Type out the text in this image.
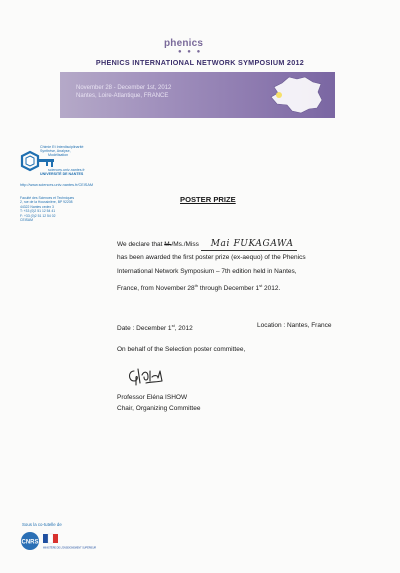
phenics
● ● ●
PHENICS INTERNATIONAL NETWORK SYMPOSIUM 2012
November 28 - December 1st, 2012
Nantes, Loire-Atlantique, FRANCE
Chimie Et Interdisciplinarité
Synthèse, Analyse,
Modélisation
sciences.univ-nantes.fr
UNIVERSITÉ DE NANTES
http://www.sciences.univ-nantes.fr/CEISAM
Faculté des Sciences et Techniques
2, rue de la Houssinière, BP 92208
44322 Nantes cedex 3
T: +33 (0)2 51 12 54 41
F: +33 (0)2 51 12 54 02
CEISAM
POSTER PRIZE
We declare that M./Ms./Miss Mai FUKAGAWA
has been awarded the first poster prize (ex-aequo) of the Phenics
International Network Symposium – 7th edition held in Nantes,
France, from November 28th through December 1st 2012.
Date : December 1st, 2012	Location : Nantes, France
On behalf of the Selection poster committee,
Professor Eléna ISHOW
Chair, Organizing Committee
Sous la co-tutelle de
CNRS
MINISTÈRE DE L'ENSEIGNEMENT SUPÉRIEUR
